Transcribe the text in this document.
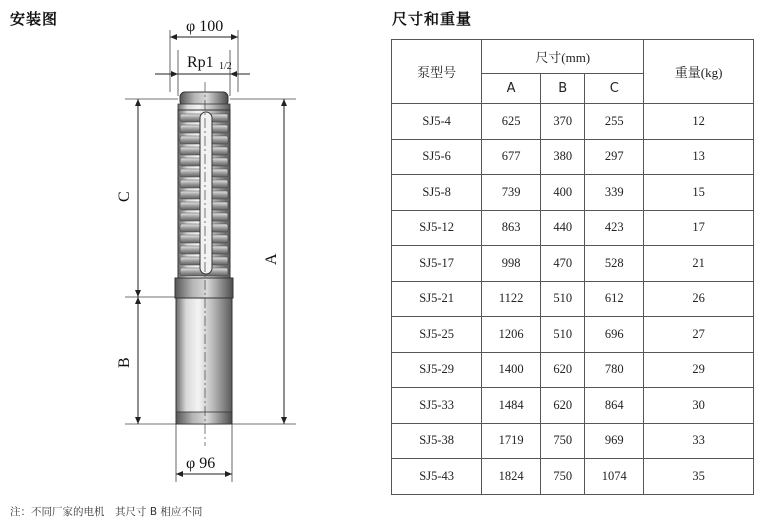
安装图	尺寸和重量
φ 100
Rp1 1/2
C
B
A
φ 96
泵型号	尺寸(mm)			重量(kg)
	A	B	C	
SJ5-4	625	370	255	12
SJ5-6	677	380	297	13
SJ5-8	739	400	339	15
SJ5-12	863	440	423	17
SJ5-17	998	470	528	21
SJ5-21	1122	510	612	26
SJ5-25	1206	510	696	27
SJ5-29	1400	620	780	29
SJ5-33	1484	620	864	30
SJ5-38	1719	750	969	33
SJ5-43	1824	750	1074	35
注：不同厂家的电机　其尺寸 B 相应不同
